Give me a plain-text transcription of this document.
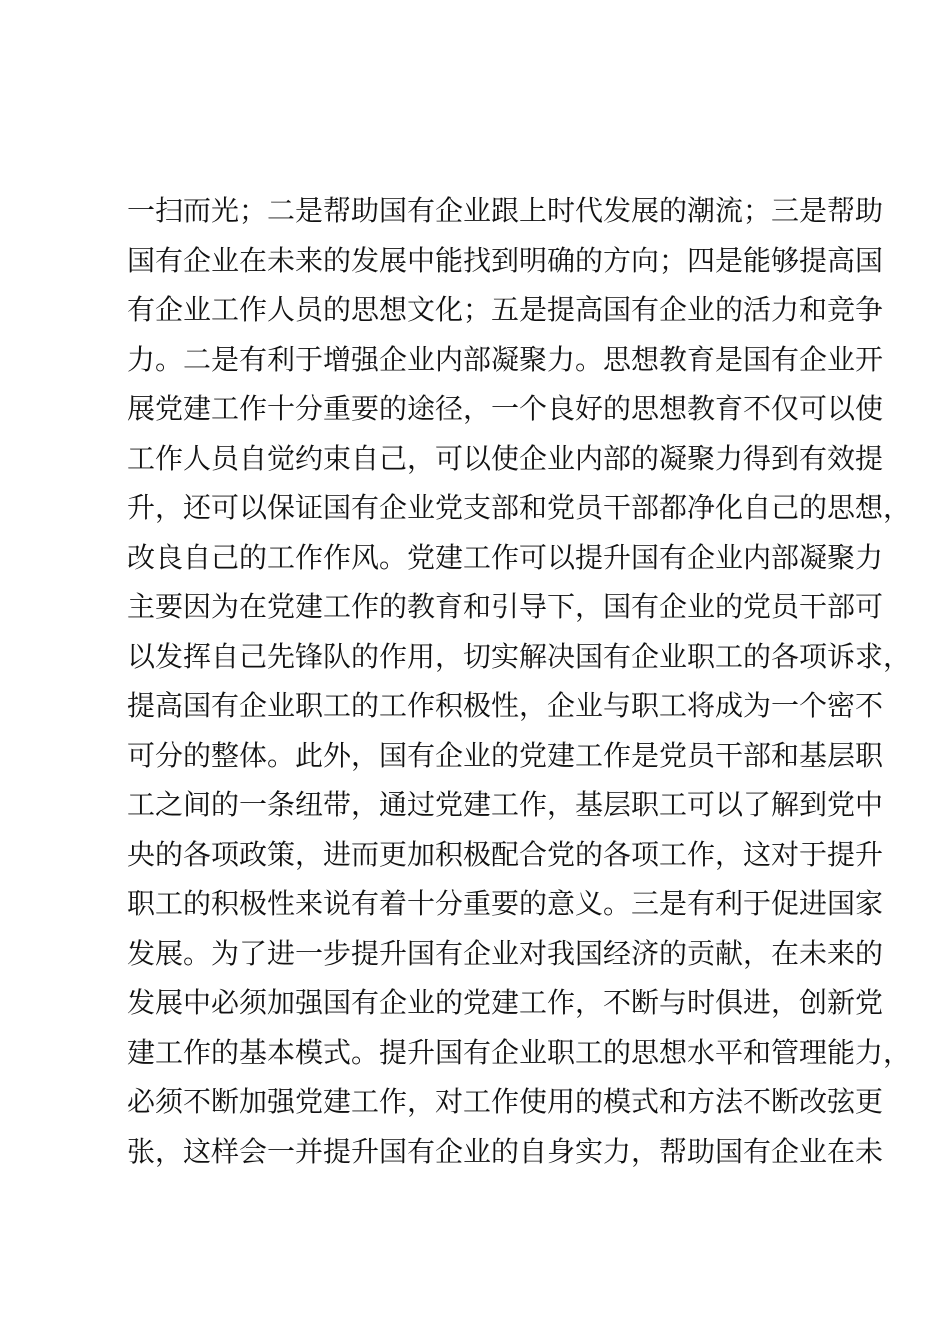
一扫而光；二是帮助国有企业跟上时代发展的潮流；三是帮助
国有企业在未来的发展中能找到明确的方向；四是能够提高国
有企业工作人员的思想文化；五是提高国有企业的活力和竞争
力。二是有利于增强企业内部凝聚力。思想教育是国有企业开
展党建工作十分重要的途径，一个良好的思想教育不仅可以使
工作人员自觉约束自己，可以使企业内部的凝聚力得到有效提
升，还可以保证国有企业党支部和党员干部都净化自己的思想，
改良自己的工作作风。党建工作可以提升国有企业内部凝聚力
主要因为在党建工作的教育和引导下，国有企业的党员干部可
以发挥自己先锋队的作用，切实解决国有企业职工的各项诉求，
提高国有企业职工的工作积极性，企业与职工将成为一个密不
可分的整体。此外，国有企业的党建工作是党员干部和基层职
工之间的一条纽带，通过党建工作，基层职工可以了解到党中
央的各项政策，进而更加积极配合党的各项工作，这对于提升
职工的积极性来说有着十分重要的意义。三是有利于促进国家
发展。为了进一步提升国有企业对我国经济的贡献，在未来的
发展中必须加强国有企业的党建工作，不断与时俱进，创新党
建工作的基本模式。提升国有企业职工的思想水平和管理能力，
必须不断加强党建工作，对工作使用的模式和方法不断改弦更
张，这样会一并提升国有企业的自身实力，帮助国有企业在未
